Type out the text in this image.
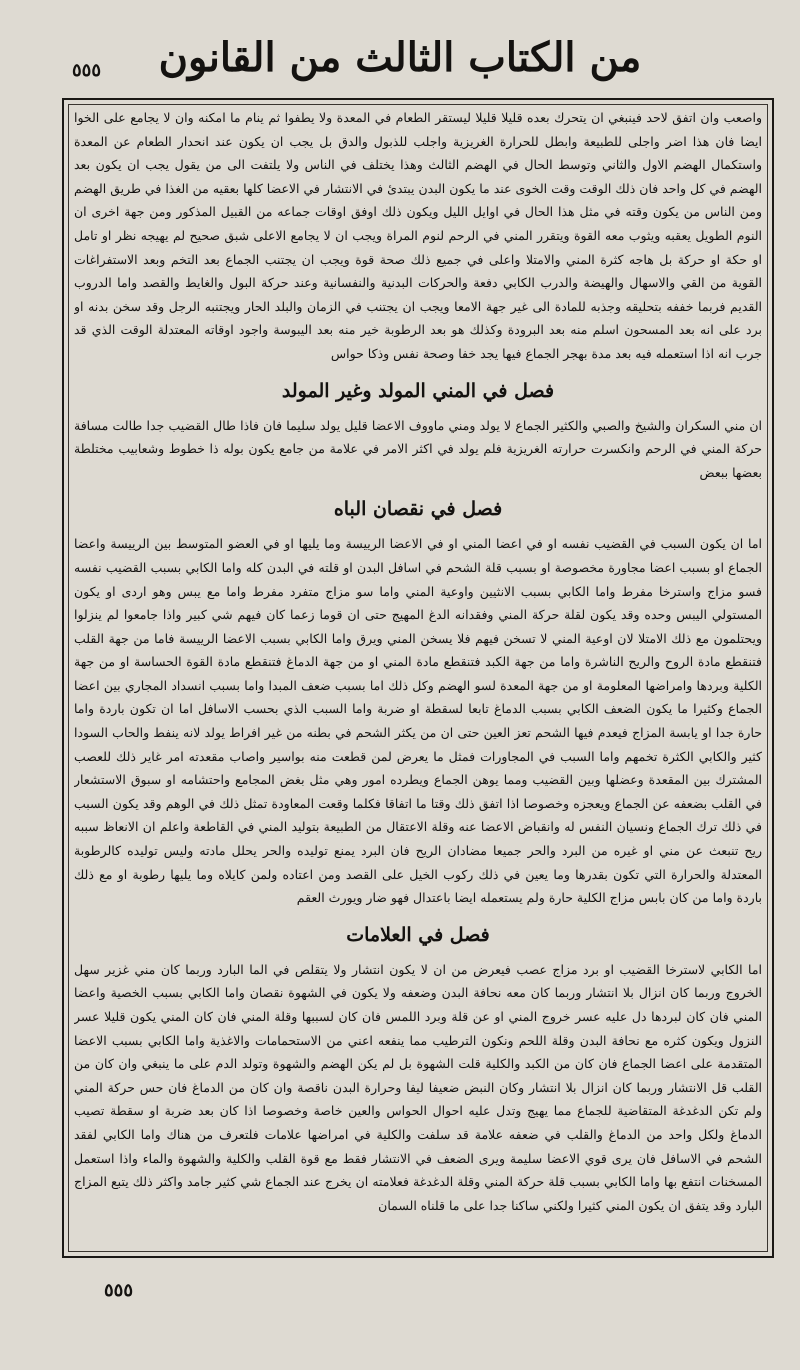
من الكتاب الثالث من القانون
٥٥٥

واصعب وان اتفق لاحد فينبغي ان يتحرك بعده قليلا قليلا ليستقر الطعام في المعدة ولا يطفوا ثم ينام ما امكنه وان لا يجامع على الخوا ايضا فان هذا اضر واجلى للطبيعة وابطل للحرارة الغريزية واجلب للذبول والدق بل يجب ان يكون عند انحدار الطعام عن المعدة واستكمال الهضم الاول والثاني وتوسط الحال في الهضم الثالث وهذا يختلف في الناس ولا يلتفت الى من يقول يجب ان يكون بعد الهضم في كل واحد فان ذلك الوقت وقت الخوى عند ما يكون البدن يبتدئ في الانتشار في الاعضا كلها بعقيه من الغذا في طريق الهضم ومن الناس من يكون وقته في مثل هذا الحال في اوايل الليل ويكون ذلك اوفق اوقات جماعه من القبيل المذكور ومن جهة اخرى ان النوم الطويل يعقبه ويثوب معه القوة ويتقرر المني في الرحم لنوم المراة ويجب ان لا يجامع الاعلى شبق صحيح لم يهيجه نظر او تامل او حكة او حركة بل هاجه كثرة المني والامتلا واعلى في جميع ذلك صحة قوة ويجب ان يجتنب الجماع بعد التخم وبعد الاستفراغات القوية من القي والاسهال والهيضة والدرب الكابي دفعة والحركات البدنية والنفسانية وعند حركة البول والغايط والقصد واما الدروب القديم فربما خففه بتحليقه وجذبه للمادة الى غير جهة الامعا ويجب ان يجتنب في الزمان والبلد الحار ويجتنبه الرجل وقد سخن بدنه او برد على انه بعد المسحون اسلم منه بعد البرودة وكذلك هو بعد الرطوبة خير منه بعد اليبوسة واجود اوقاته المعتدلة الوقت الذي قد جرب انه اذا استعمله فيه بعد مدة بهجر الجماع فيها يجد خفا وصحة نفس وذكا حواس

فصل في المني المولد وغير المولد

ان مني السكران والشيخ والصبي والكثير الجماع لا يولد ومني ماووف الاعضا قليل يولد سليما فان فاذا طال القضيب جدا طالت مسافة حركة المني في الرحم وانكسرت حرارته الغريزية فلم يولد في اكثر الامر في علامة من جامع يكون بوله ذا خطوط وشعابيب مختلطة بعضها ببعض

فصل في نقصان الباه

اما ان يكون السبب في القضيب نفسه او في اعضا المني او في الاعضا الرييسة وما يليها او في العضو المتوسط بين الرييسة واعضا الجماع او بسبب اعضا مجاورة مخصوصة او بسبب قلة الشحم في اسافل البدن او قلته في البدن كله واما الكابي بسبب القضيب نفسه فسو مزاج واسترخا مفرط واما الكابي بسبب الانثيين واوعية المني واما سو مزاج متفرد مفرط واما مع يبس وهو اردى او يكون المستولي اليبس وحده وقد يكون لقلة حركة المني وفقدانه الدغ المهيج حتى ان قوما زعما كان فيهم شي كبير واذا جامعوا لم ينزلوا ويحتلمون مع ذلك الامتلا لان اوعية المني لا تسخن فيهم فلا يسخن المني ويرق واما الكابي بسبب الاعضا الرييسة فاما من جهة القلب فتنقطع مادة الروح والريح الناشرة واما من جهة الكبد فتنقطع مادة المني او من جهة الدماغ فتنقطع مادة القوة الحساسة او من جهة الكلية وبردها وامراضها المعلومة او من جهة المعدة لسو الهضم وكل ذلك اما بسبب ضعف المبدا واما بسبب انسداد المجاري بين اعضا الجماع وكثيرا ما يكون الضعف الكابي بسبب الدماغ تابعا لسقطة او ضربة واما السبب الذي بحسب الاسافل اما ان تكون باردة واما حارة جدا او يابسة المزاج فيعدم فيها الشحم تعز العين حتى ان من يكثر الشحم في بطنه من غير افراط يولد لانه ينفط والحاب السودا كثير والكابي الكثرة تخمهم واما السبب في المجاورات فمثل ما يعرض لمن قطعت منه بواسير واصاب مقعدته امر غاير ذلك للعصب المشترك بين المقعدة وعضلها وبين القضيب ومما يوهن الجماع ويطرده امور وهي مثل بغض المجامع واحتشامه او سبوق الاستشعار في القلب بضعفه عن الجماع ويعجزه وخصوصا اذا اتفق ذلك وقتا ما اتفاقا فكلما وقعت المعاودة تمثل ذلك في الوهم وقد يكون السبب في ذلك ترك الجماع ونسيان النفس له وانقباض الاعضا عنه وقلة الاعتقال من الطبيعة بتوليد المني في القاطعة واعلم ان الانعاظ سببه ريح تنبعث عن مني او غيره من البرد والحر جميعا مضادان الريح فان البرد يمنع توليده والحر يحلل مادته وليس توليده كالرطوبة المعتدلة والحرارة التي تكون بقدرها وما يعين في ذلك ركوب الخيل على القصد ومن اعتاده ولمن كايلاه وما يليها رطوبة او مع ذلك باردة واما من كان بابس مزاج الكلية حارة ولم يستعمله ايضا باعتدال فهو ضار ويورث العقم

فصل في العلامات

اما الكابي لاسترخا القضيب او برد مزاج عصب فيعرض من ان لا يكون انتشار ولا يتقلص في الما البارد وربما كان مني غزير سهل الخروج وربما كان انزال بلا انتشار وربما كان معه نحافة البدن وضعفه ولا يكون في الشهوة نقصان واما الكابي بسبب الخصية واعضا المني فان كان لبردها دل عليه عسر خروج المني او عن قلة وبرد اللمس فان كان لسببها وقلة المني فان كان المني يكون قليلا عسر النزول ويكون كثره مع نحافة البدن وقلة اللحم ونكون الترطيب مما ينفعه اعني من الاستحمامات والاغذية واما الكابي بسبب الاعضا المتقدمة على اعضا الجماع فان كان من الكبد والكلية قلت الشهوة بل لم يكن الهضم والشهوة وتولد الدم على ما ينبغي وان كان من القلب قل الانتشار وربما كان انزال بلا انتشار وكان النبض ضعيفا ليفا وحرارة البدن ناقصة وان كان من الدماغ فان حس حركة المني ولم تكن الدغدغة المتقاضية للجماع مما يهيج وتدل عليه احوال الحواس والعين خاصة وخصوصا اذا كان بعد ضربة او سقطة تصيب الدماغ ولكل واحد من الدماغ والقلب في ضعفه علامة قد سلفت والكلية في امراضها علامات فلتعرف من هناك واما الكابي لفقد الشحم في الاسافل فان يرى قوي الاعضا سليمة ويرى الضعف في الانتشار فقط مع قوة القلب والكلية والشهوة والماء واذا استعمل المسخنات انتفع بها واما الكابي بسبب قلة حركة المني وقلة الدغدغة فعلامته ان يخرج عند الجماع شي كثير جامد واكثر ذلك يتبع المزاج البارد وقد يتفق ان يكون المني كثيرا ولكني ساكنا جدا على ما قلناه السمان

٥٥٥
